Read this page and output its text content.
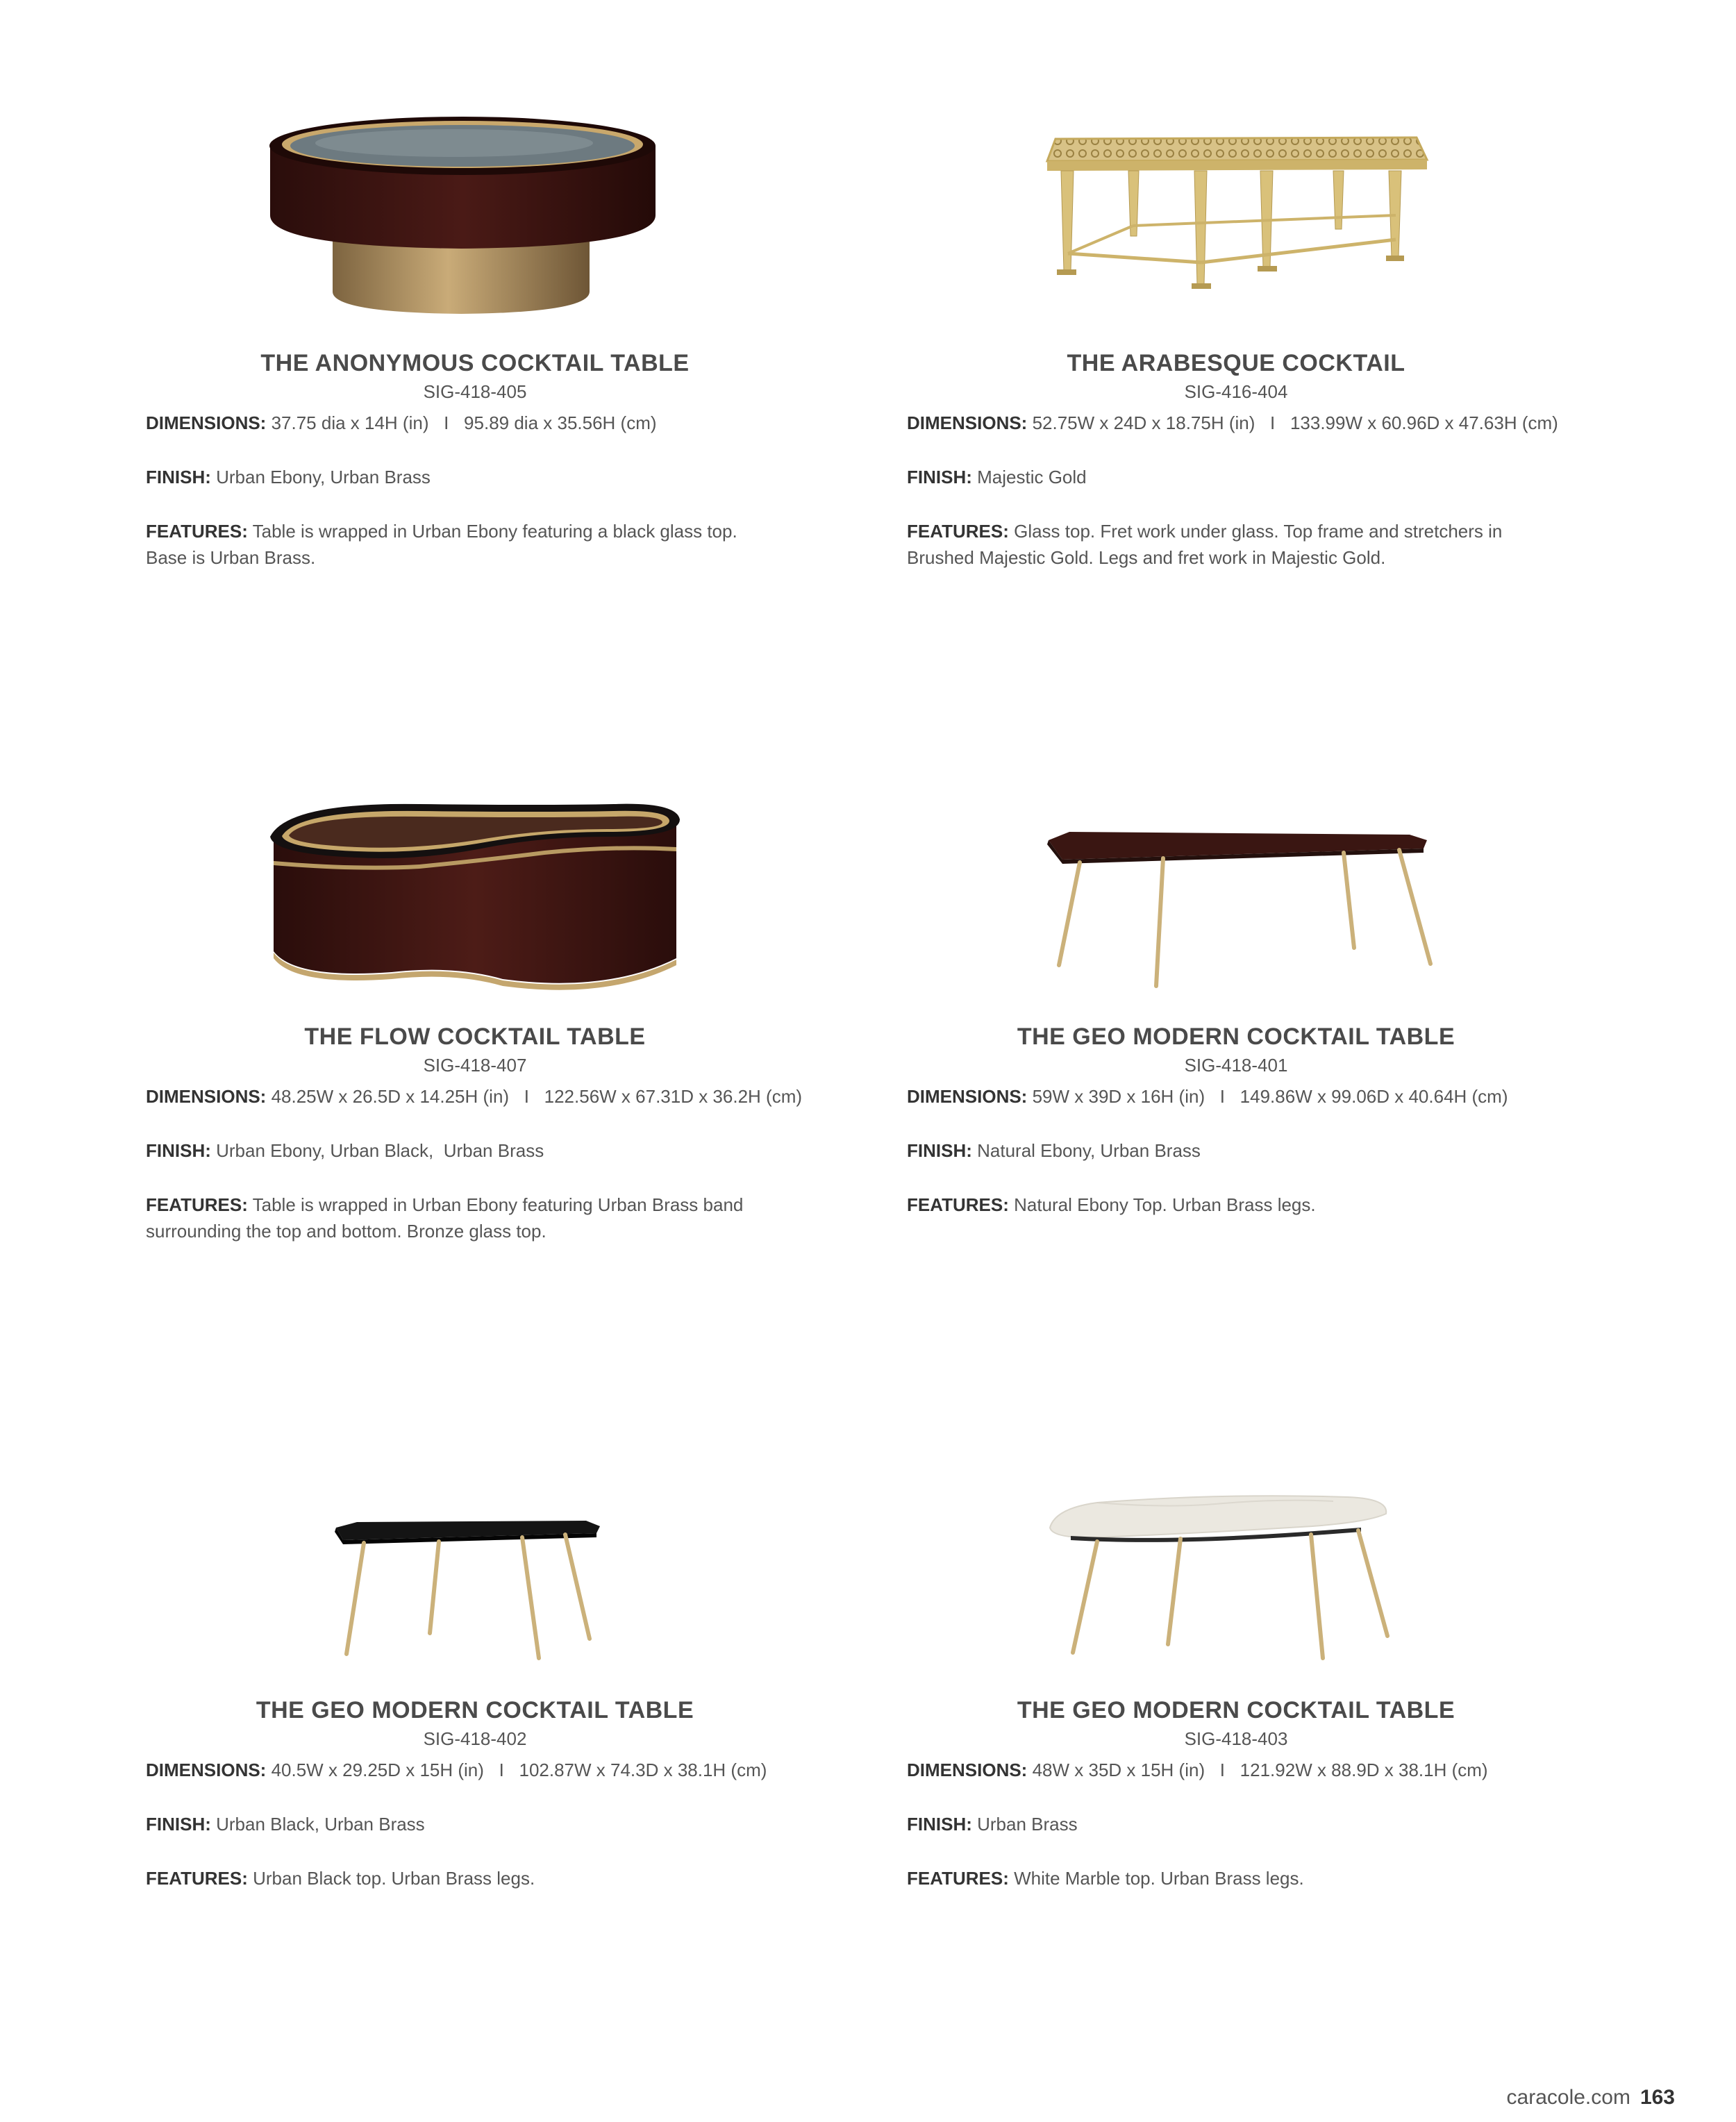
THE ANONYMOUS COCKTAIL TABLE
SIG-418-405
DIMENSIONS: 37.75 dia x 14H (in)   I   95.89 dia x 35.56H (cm)
FINISH: Urban Ebony, Urban Brass
FEATURES: Table is wrapped in Urban Ebony featuring a black glass top.
Base is Urban Brass.
THE ARABESQUE COCKTAIL
SIG-416-404
DIMENSIONS: 52.75W x 24D x 18.75H (in)   I   133.99W x 60.96D x 47.63H (cm)
FINISH: Majestic Gold
FEATURES: Glass top. Fret work under glass. Top frame and stretchers in
Brushed Majestic Gold. Legs and fret work in Majestic Gold.
THE FLOW COCKTAIL TABLE
SIG-418-407
DIMENSIONS: 48.25W x 26.5D x 14.25H (in)   I   122.56W x 67.31D x 36.2H (cm)
FINISH: Urban Ebony, Urban Black,  Urban Brass
FEATURES: Table is wrapped in Urban Ebony featuring Urban Brass band
surrounding the top and bottom. Bronze glass top.
THE GEO MODERN COCKTAIL TABLE
SIG-418-401
DIMENSIONS: 59W x 39D x 16H (in)   I   149.86W x 99.06D x 40.64H (cm)
FINISH: Natural Ebony, Urban Brass
FEATURES: Natural Ebony Top. Urban Brass legs.
THE GEO MODERN COCKTAIL TABLE
SIG-418-402
DIMENSIONS: 40.5W x 29.25D x 15H (in)   I   102.87W x 74.3D x 38.1H (cm)
FINISH: Urban Black, Urban Brass
FEATURES: Urban Black top. Urban Brass legs.
THE GEO MODERN COCKTAIL TABLE
SIG-418-403
DIMENSIONS: 48W x 35D x 15H (in)   I   121.92W x 88.9D x 38.1H (cm)
FINISH: Urban Brass
FEATURES: White Marble top. Urban Brass legs.
caracole.com 163
